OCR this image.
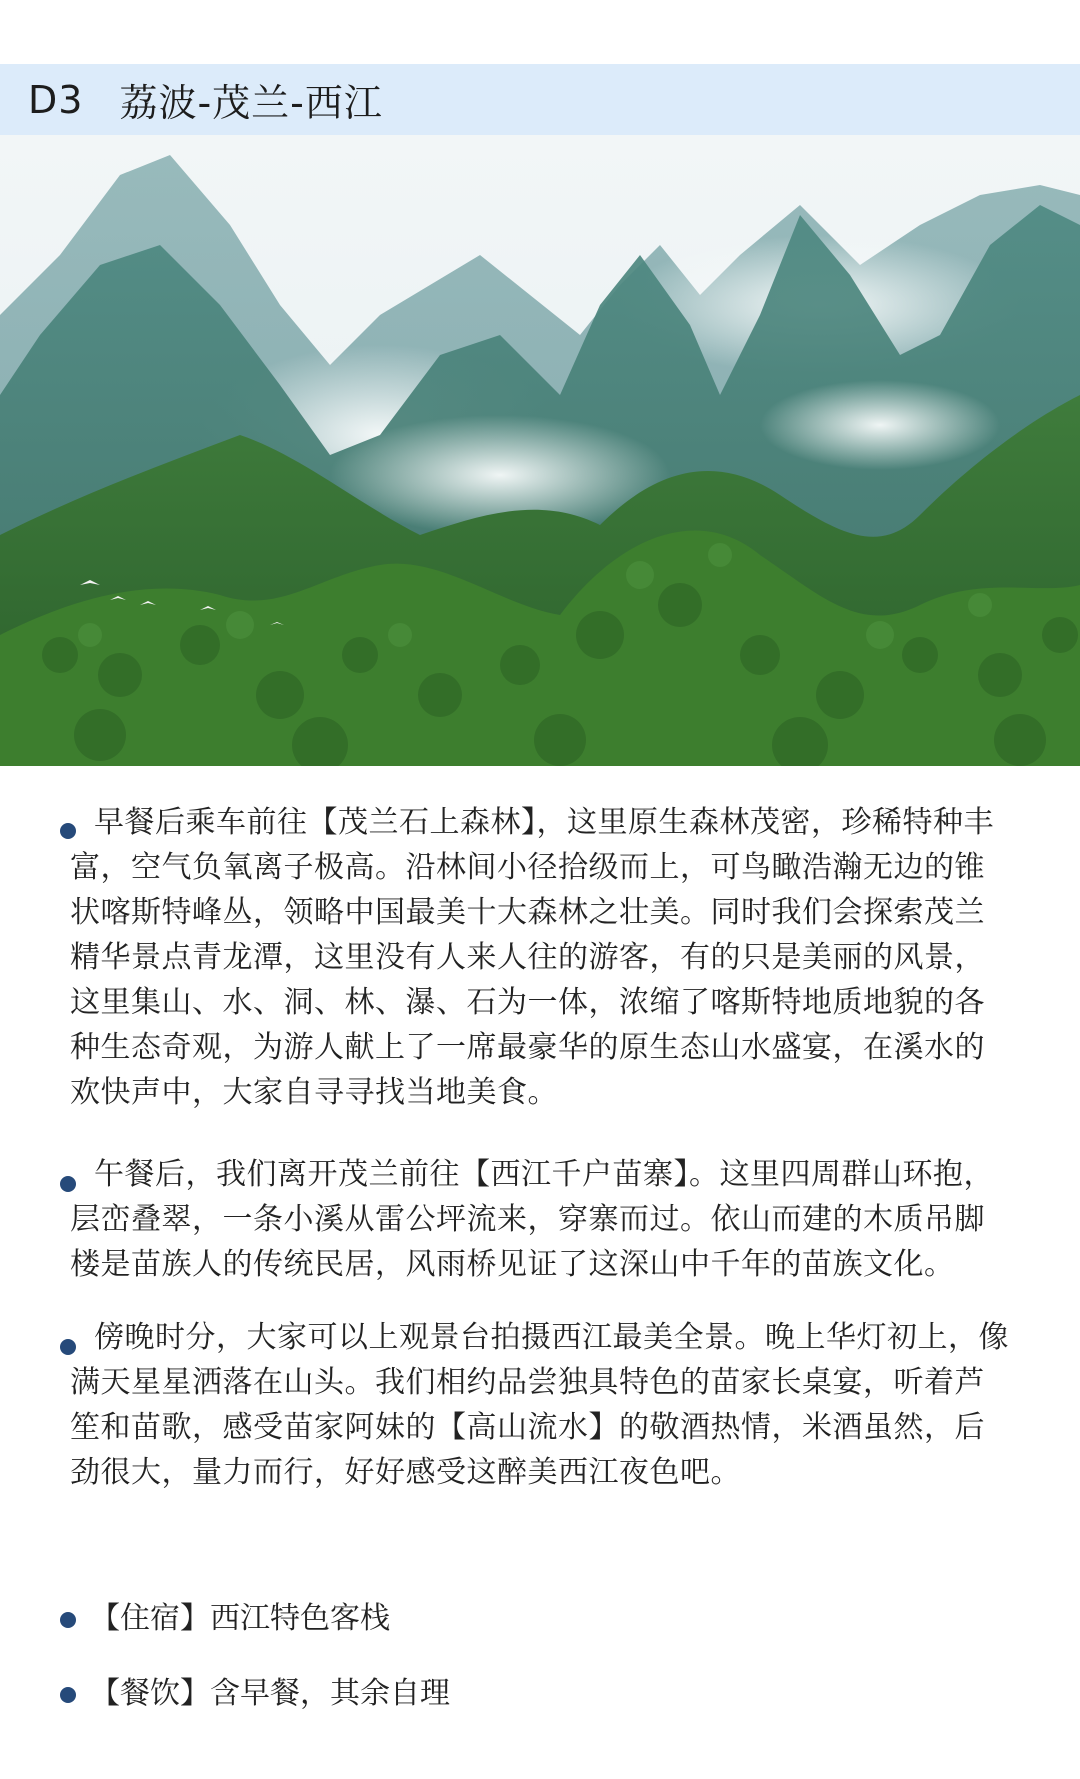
D3 荔波-茂兰-西江
早餐后乘车前往【茂兰石上森林】，这里原生森林茂密，珍稀特种丰富，空气负氧离子极高。沿林间小径拾级而上，可鸟瞰浩瀚无边的锥状喀斯特峰丛，领略中国最美十大森林之壮美。同时我们会探索茂兰精华景点青龙潭，这里没有人来人往的游客，有的只是美丽的风景，这里集山、水、洞、林、瀑、石为一体，浓缩了喀斯特地质地貌的各种生态奇观，为游人献上了一席最豪华的原生态山水盛宴，在溪水的欢快声中，大家自寻寻找当地美食。
午餐后，我们离开茂兰前往【西江千户苗寨】。这里四周群山环抱，层峦叠翠，一条小溪从雷公坪流来，穿寨而过。依山而建的木质吊脚楼是苗族人的传统民居，风雨桥见证了这深山中千年的苗族文化。
傍晚时分，大家可以上观景台拍摄西江最美全景。晚上华灯初上，像满天星星洒落在山头。我们相约品尝独具特色的苗家长桌宴，听着芦笙和苗歌，感受苗家阿妹的【高山流水】的敬酒热情，米酒虽然，后劲很大，量力而行，好好感受这醉美西江夜色吧。
【住宿】西江特色客栈
【餐饮】含早餐，其余自理
